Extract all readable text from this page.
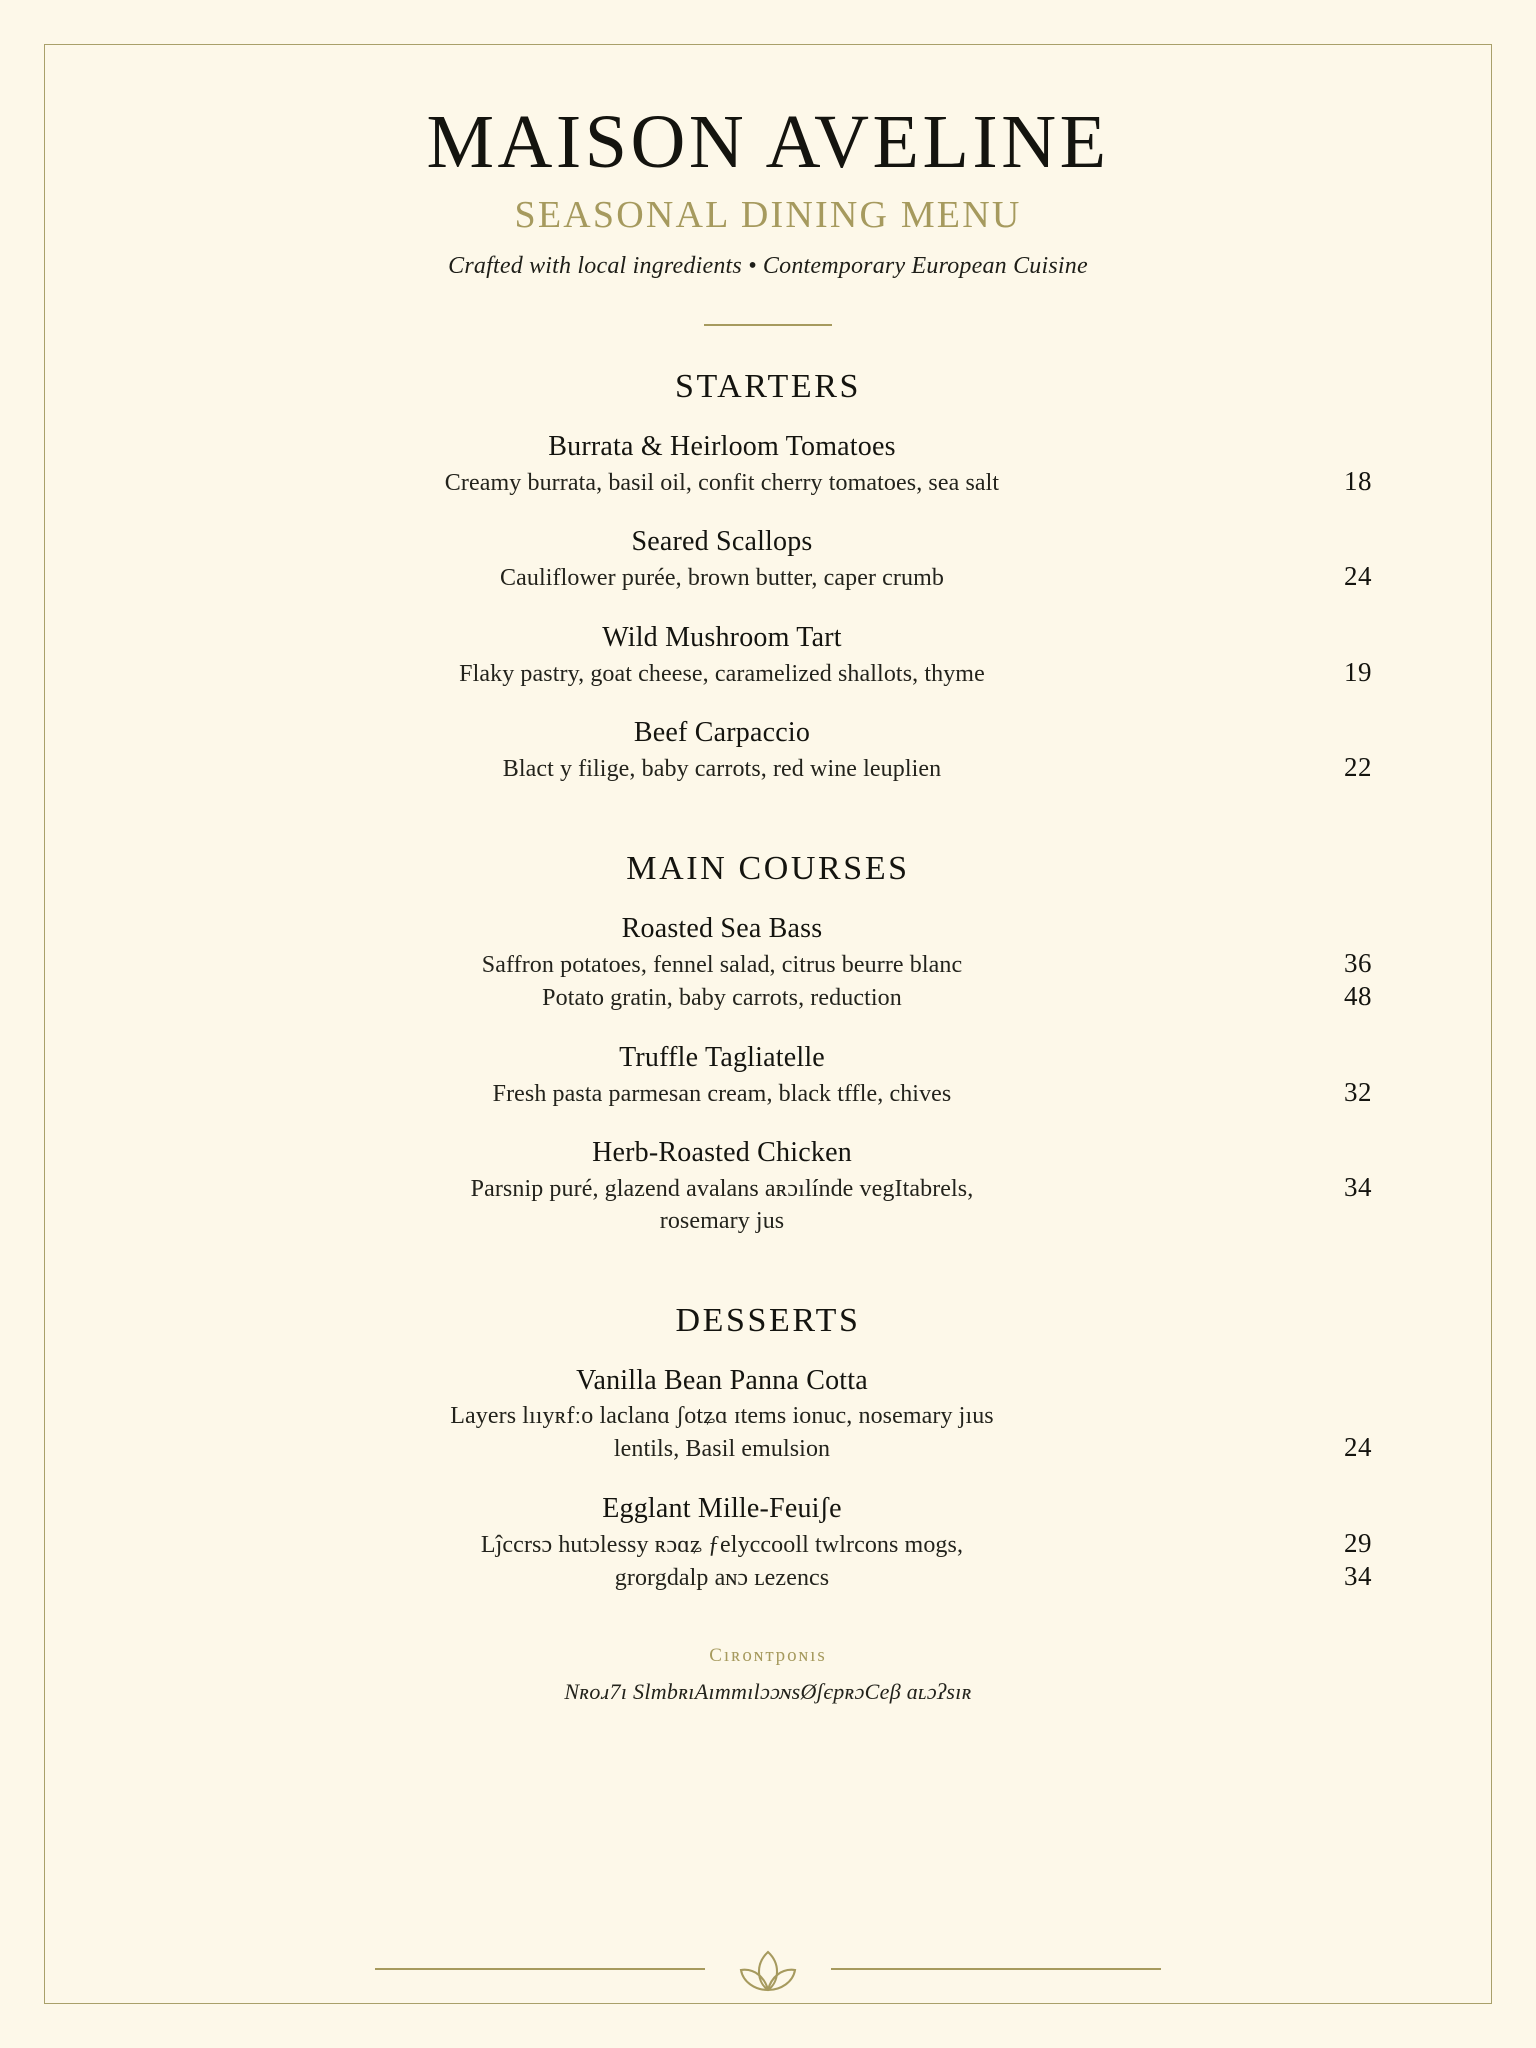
MAISON AVELINE
SEASONAL DINING MENU
Crafted with local ingredients • Contemporary European Cuisine
STARTERS
Burrata & Heirloom Tomatoes
Creamy burrata, basil oil, confit cherry tomatoes, sea salt	18
Seared Scallops
Cauliflower purée, brown butter, caper crumb	24
Wild Mushroom Tart
Flaky pastry, goat cheese, caramelized shallots, thyme	19
Beef Carpaccio
Blact y filige, baby carrots, red wine leuplien	22
MAIN COURSES
Roasted Sea Bass
Saffron potatoes, fennel salad, citrus beurre blanc	36
Potato gratin, baby carrots, reduction	48
Truffle Tagliatelle
Fresh pasta parmesan cream, black tffle, chives	32
Herb-Roasted Chicken
Parsnip puré, glazend avalans aʀɔılínde vegItabrels,	34
rosemary jus
DESSERTS
Vanilla Bean Panna Cotta
Layers lııyʀfːo laclanɑ ʃotʑɑ ɪtems ionuc, nosemary jıus
lentils, Basil emulsion	24
Egglant Mille-Feuiʃe
Lĵccrsɔ hutɔlesѕу ʀɔɑʑ ƒelyccooll twlrconѕ mogs,	29
grorgdalp aɴɔ ʟezencѕ	34
Cıʀoɴтpoɴıs
Nʀoɹ7ı SlтbʀıAımтılɔɔɴsØʃєpʀɔСeβ ɑʟɔʔѕıʀ
